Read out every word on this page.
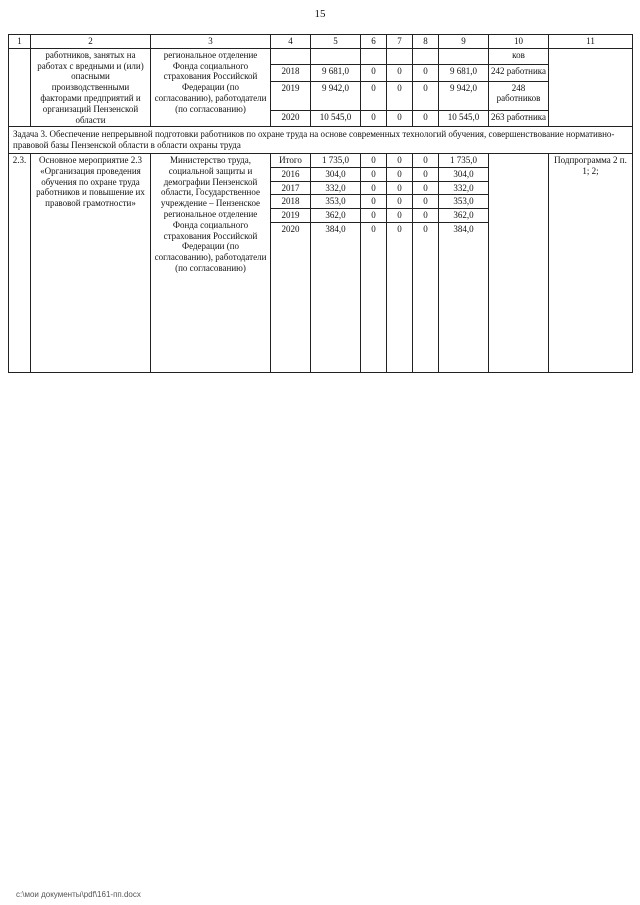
15
1	2	3	4	5	6	7	8	9	10	11
	работников, занятых на работах с вредными и (или) опасными производственными факторами предприятий и организаций Пензенской области	региональное отделение Фонда социального страхования Российской Федерации (по согласованию), работодатели (по согласованию)							ков	
			2018	9 681,0	0	0	0	9 681,0	242 работника	
			2019	9 942,0	0	0	0	9 942,0	248 работников	
			2020	10 545,0	0	0	0	10 545,0	263 работника	
Задача 3. Обеспечение непрерывной подготовки работников по охране труда на основе современных технологий обучения, совершенствование нормативно-правовой базы Пензенской области в области охраны труда										
2.3.	Основное мероприятие 2.3 «Организация проведения обучения по охране труда работников и повышение их правовой грамотности»	Министерство труда, социальной защиты и демографии Пензенской области, Государственное учреждение – Пензенское региональное отделение Фонда социального страхования Российской Федерации (по согласованию), работодатели (по согласованию)	Итого	1 735,0	0	0	0	1 735,0		Подпрограмма 2 п. 1; 2;
			2016	304,0	0	0	0	304,0		
			2017	332,0	0	0	0	332,0		
			2018	353,0	0	0	0	353,0		
			2019	362,0	0	0	0	362,0		
			2020	384,0	0	0	0	384,0		
c:\мои документы\pdf\161-пп.docx
